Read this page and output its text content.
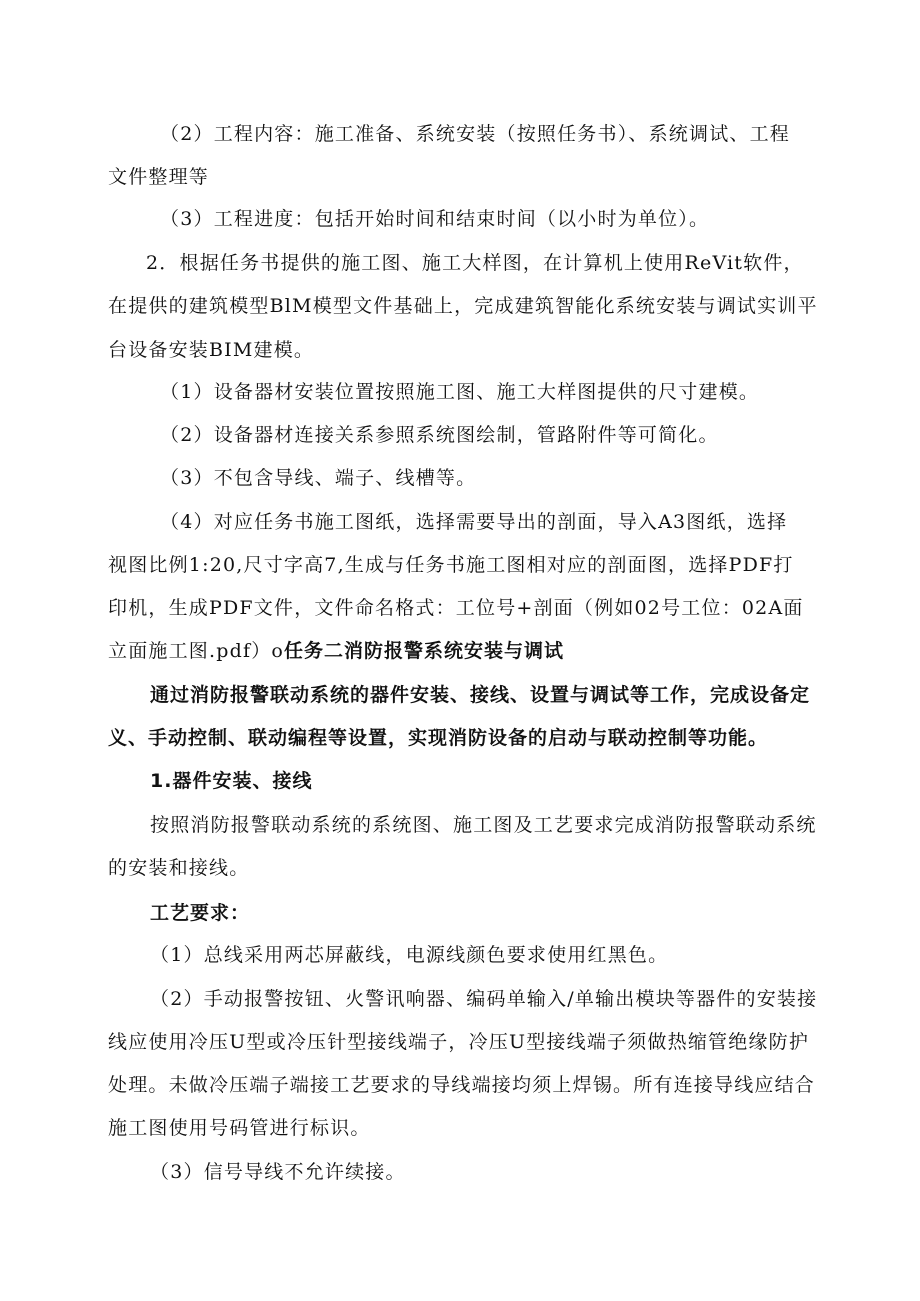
（2）工程内容：施工准备、系统安装（按照任务书）、系统调试、工程
文件整理等
（3）工程进度：包括开始时间和结束时间（以小时为单位）。
2．根据任务书提供的施工图、施工大样图，在计算机上使用ReVit软件，
在提供的建筑模型BlM模型文件基础上，完成建筑智能化系统安装与调试实训平
台设备安装BIM建模。
（1）设备器材安装位置按照施工图、施工大样图提供的尺寸建模。
（2）设备器材连接关系参照系统图绘制，管路附件等可简化。
（3）不包含导线、端子、线槽等。
（4）对应任务书施工图纸，选择需要导出的剖面，导入A3图纸，选择
视图比例1:20,尺寸字高7,生成与任务书施工图相对应的剖面图，选择PDF打
印机，生成PDF文件，文件命名格式：工位号+剖面（例如02号工位：02A面
立面施工图.pdf）o任务二消防报警系统安装与调试
通过消防报警联动系统的器件安装、接线、设置与调试等工作，完成设备定
义、手动控制、联动编程等设置，实现消防设备的启动与联动控制等功能。
1.器件安装、接线
按照消防报警联动系统的系统图、施工图及工艺要求完成消防报警联动系统
的安装和接线。
工艺要求：
（1）总线采用两芯屏蔽线，电源线颜色要求使用红黑色。
（2）手动报警按钮、火警讯响器、编码单输入/单输出模块等器件的安装接
线应使用冷压U型或冷压针型接线端子，冷压U型接线端子须做热缩管绝缘防护
处理。未做冷压端子端接工艺要求的导线端接均须上焊锡。所有连接导线应结合
施工图使用号码管进行标识。
（3）信号导线不允许续接。
